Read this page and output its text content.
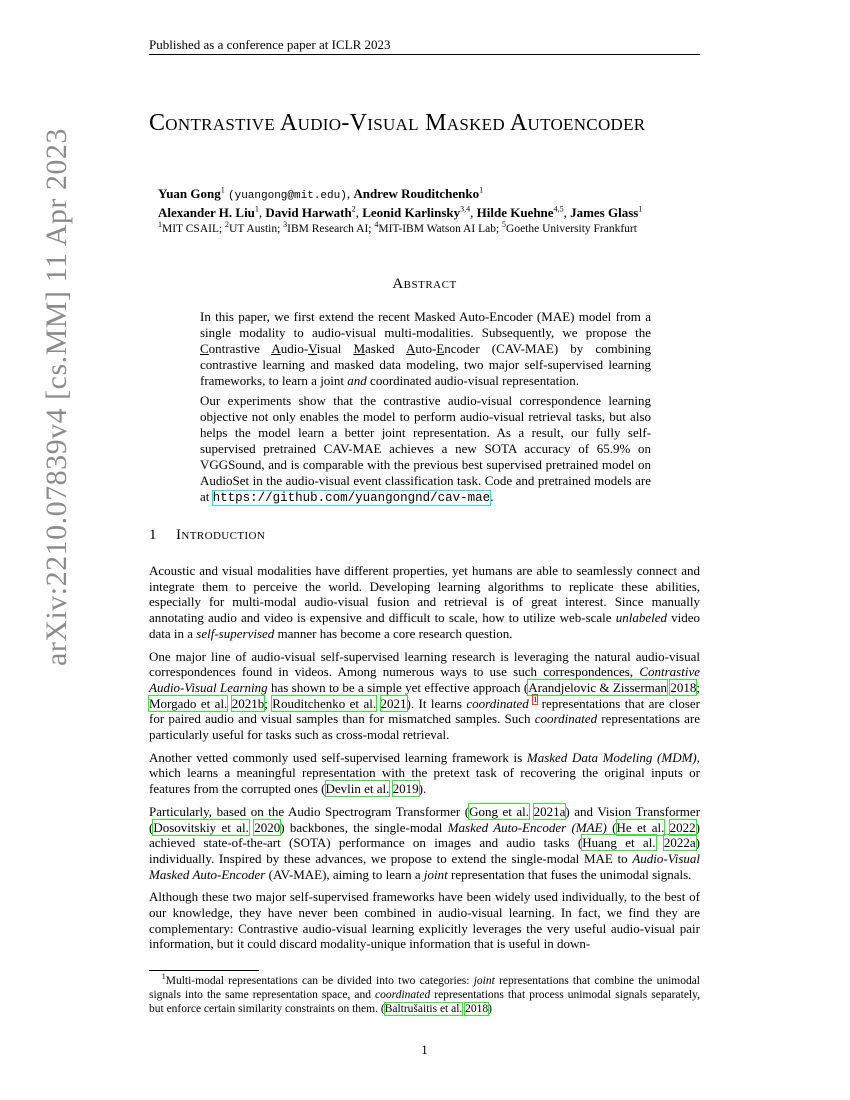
Published as a conference paper at ICLR 2023
arXiv:2210.07839v4 [cs.MM] 11 Apr 2023
Contrastive Audio-Visual Masked Autoencoder
Yuan Gong$^1$ (yuangong@mit.edu), Andrew Rouditchenko$^1$
Alexander H. Liu$^1$, David Harwath$^2$, Leonid Karlinsky$^{3,4}$, Hilde Kuehne$^{4,5}$, James Glass$^1$
$^1$MIT CSAIL; $^2$UT Austin; $^3$IBM Research AI; $^4$MIT-IBM Watson AI Lab; $^5$Goethe University Frankfurt
Abstract

In this paper, we first extend the recent Masked Auto-Encoder (MAE) model from a single modality to audio-visual multi-modalities. Subsequently, we propose the Contrastive Audio-Visual Masked Auto-Encoder (CAV-MAE) by combining contrastive learning and masked data modeling, two major self-supervised learning frameworks, to learn a joint and coordinated audio-visual representation.

Our experiments show that the contrastive audio-visual correspondence learning objective not only enables the model to perform audio-visual retrieval tasks, but also helps the model learn a better joint representation. As a result, our fully self-supervised pretrained CAV-MAE achieves a new SOTA accuracy of 65.9% on VGGSound, and is comparable with the previous best supervised pretrained model on AudioSet in the audio-visual event classification task. Code and pretrained models are at https://github.com/yuangongnd/cav-mae.

1 Introduction

Acoustic and visual modalities have different properties, yet humans are able to seamlessly connect and integrate them to perceive the world. Developing learning algorithms to replicate these abilities, especially for multi-modal audio-visual fusion and retrieval is of great interest. Since manually annotating audio and video is expensive and difficult to scale, how to utilize web-scale unlabeled video data in a self-supervised manner has become a core research question.

One major line of audio-visual self-supervised learning research is leveraging the natural audio-visual correspondences found in videos. Among numerous ways to use such correspondences, Contrastive Audio-Visual Learning has shown to be a simple yet effective approach (Arandjelovic & Zisserman 2018; Morgado et al. 2021b; Rouditchenko et al. 2021). It learns coordinated $^1$ representations that are closer for paired audio and visual samples than for mismatched samples. Such coordinated representations are particularly useful for tasks such as cross-modal retrieval.

Another vetted commonly used self-supervised learning framework is Masked Data Modeling (MDM), which learns a meaningful representation with the pretext task of recovering the original inputs or features from the corrupted ones (Devlin et al. 2019).

Particularly, based on the Audio Spectrogram Transformer (Gong et al. 2021a) and Vision Transformer (Dosovitskiy et al. 2020) backbones, the single-modal Masked Auto-Encoder (MAE) (He et al. 2022) achieved state-of-the-art (SOTA) performance on images and audio tasks (Huang et al. 2022a) individually. Inspired by these advances, we propose to extend the single-modal MAE to Audio-Visual Masked Auto-Encoder (AV-MAE), aiming to learn a joint representation that fuses the unimodal signals.

Although these two major self-supervised frameworks have been widely used individually, to the best of our knowledge, they have never been combined in audio-visual learning. In fact, we find they are complementary: Contrastive audio-visual learning explicitly leverages the very useful audio-visual pair information, but it could discard modality-unique information that is useful in down-

$^1$Multi-modal representations can be divided into two categories: joint representations that combine the unimodal signals into the same representation space, and coordinated representations that process unimodal signals separately, but enforce certain similarity constraints on them. (Baltrušaitis et al. 2018)
1
